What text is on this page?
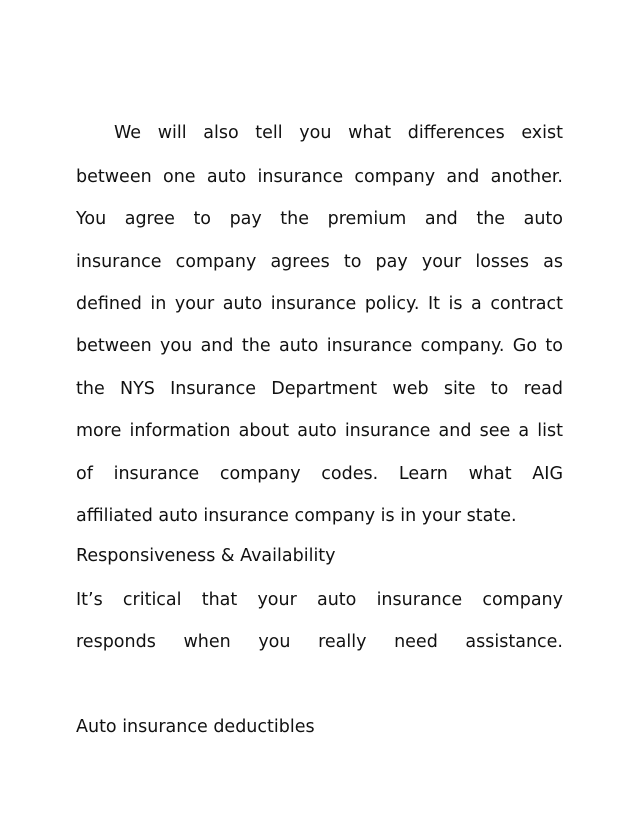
We will also tell you what differences exist
between one auto insurance company and another.
You agree to pay the premium and the auto
insurance company agrees to pay your losses as
defined in your auto insurance policy. It is a contract
between you and the auto insurance company. Go to
the NYS Insurance Department web site to read
more information about auto insurance and see a list
of insurance company codes. Learn what AIG
affiliated auto insurance company is in your state.
Responsiveness & Availability
It’s critical that your auto insurance company
responds when you really need assistance.
Auto insurance deductibles
